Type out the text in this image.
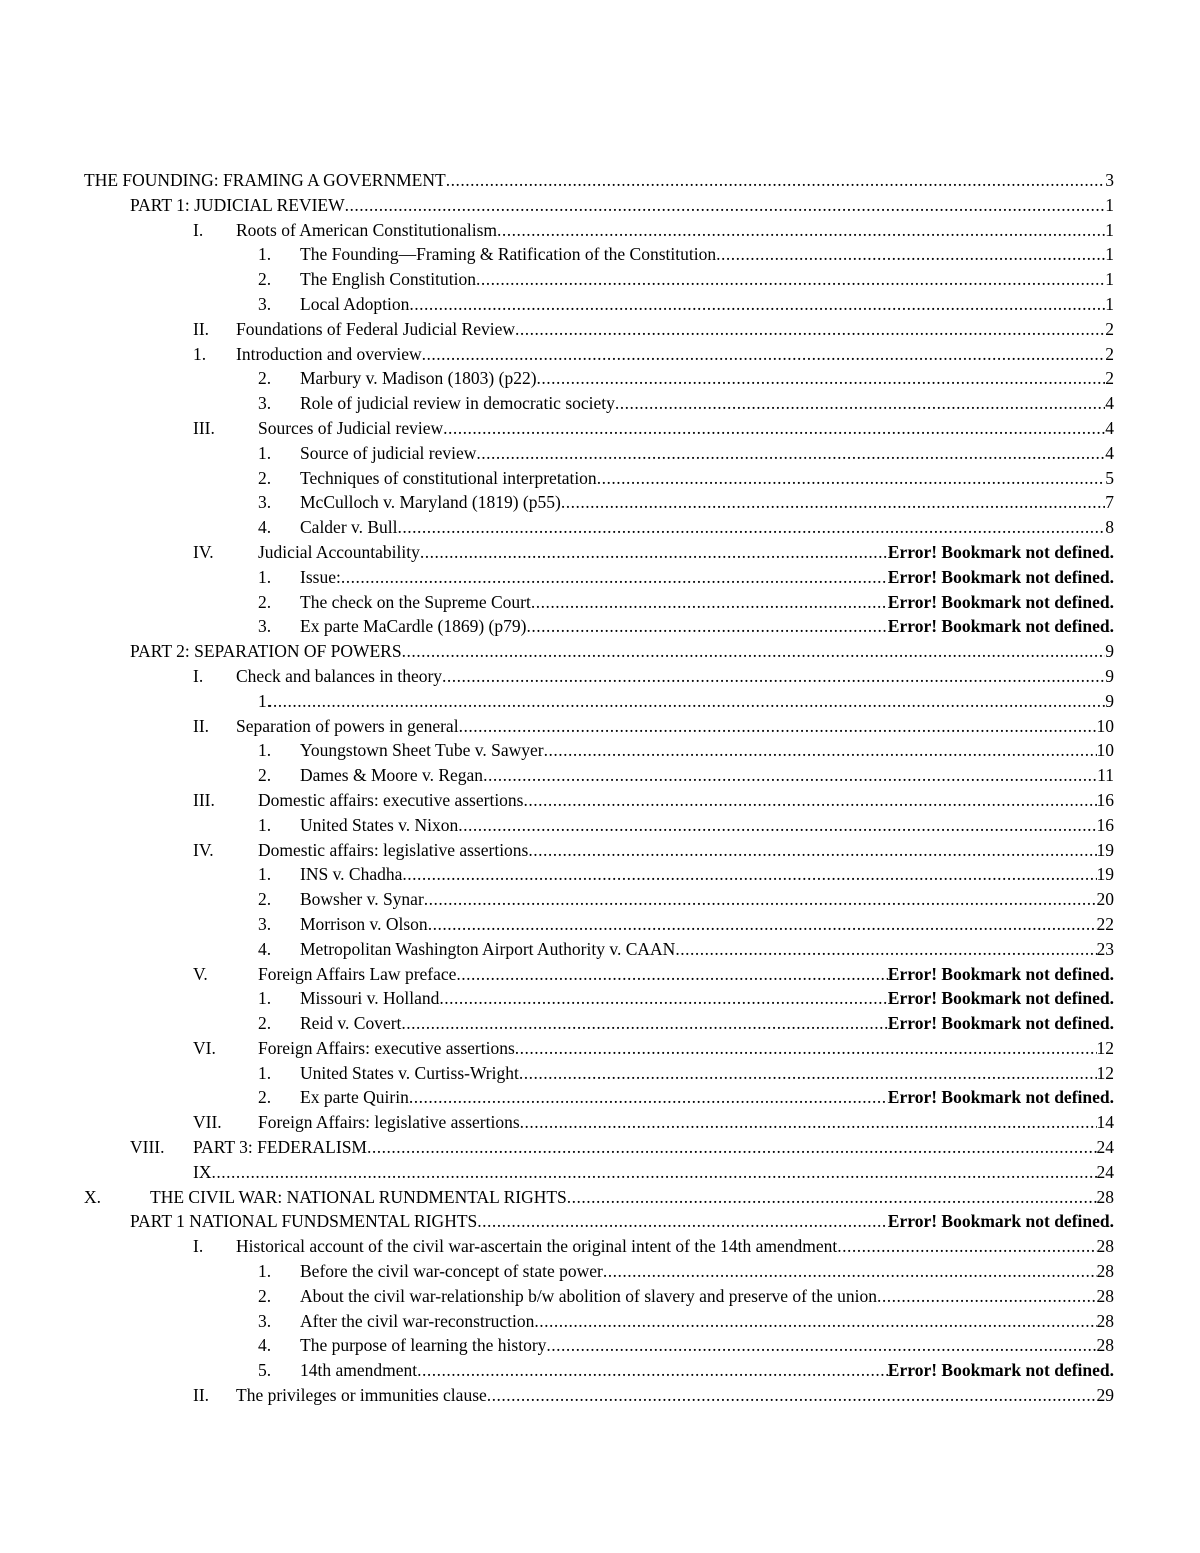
THE FOUNDING: FRAMING A GOVERNMENT .....	3
PART 1: JUDICIAL REVIEW .....	1
I. Roots of American Constitutionalism .....	1
1. The Founding—Framing & Ratification of the Constitution .....	1
2. The English Constitution .....	1
3. Local Adoption .....	1
II. Foundations of Federal Judicial Review .....	2
1. Introduction and overview .....	2
2. Marbury v. Madison (1803) (p22) .....	2
3. Role of judicial review in democratic society .....	4
III. Sources of Judicial review .....	4
1. Source of judicial review .....	4
2. Techniques of constitutional interpretation .....	5
3. McCulloch v. Maryland (1819) (p55) .....	7
4. Calder v. Bull .....	8
IV.	Judicial Accountability .....	Error! Bookmark not defined.
1. Issue: .....	Error! Bookmark not defined.
2. The check on the Supreme Court .....	Error! Bookmark not defined.
3. Ex parte MaCardle (1869) (p79) .....	Error! Bookmark not defined.
PART 2: SEPARATION OF POWERS .....	9
I. Check and balances in theory .....	9
1. .....	9
II. Separation of powers in general .....	10
1. Youngstown Sheet Tube v. Sawyer .....	10
2. Dames & Moore v. Regan .....	11
III. Domestic affairs: executive assertions .....	16
1. United States v. Nixon .....	16
IV.	Domestic affairs: legislative assertions .....	19
1. INS v. Chadha .....	19
2. Bowsher v. Synar .....	20
3. Morrison v. Olson .....	22
4. Metropolitan Washington Airport Authority v. CAAN .....	23
V.	Foreign Affairs Law preface .....	Error! Bookmark not defined.
1. Missouri v. Holland .....	Error! Bookmark not defined.
2. Reid v. Covert .....	Error! Bookmark not defined.
VI. Foreign Affairs: executive assertions .....	12
1. United States v. Curtiss-Wright .....	12
2. Ex parte Quirin .....	Error! Bookmark not defined.
VII. Foreign Affairs: legislative assertions .....	14
VIII. PART 3: FEDERALISM .....	24
IX .....	24
X.	THE CIVIL WAR: NATIONAL RUNDMENTAL RIGHTS .....	28
PART 1 NATIONAL FUNDSMENTAL RIGHTS .....	Error! Bookmark not defined.
I. Historical account of the civil war-ascertain the original intent of the 14th amendment .....	28
1. Before the civil war-concept of state power .....	28
2. About the civil war-relationship b/w abolition of slavery and preserve of the union .....	28
3. After the civil war-reconstruction .....	28
4. The purpose of learning the history .....	28
5. 14th amendment .....	Error! Bookmark not defined.
II. The privileges or immunities clause .....	29
